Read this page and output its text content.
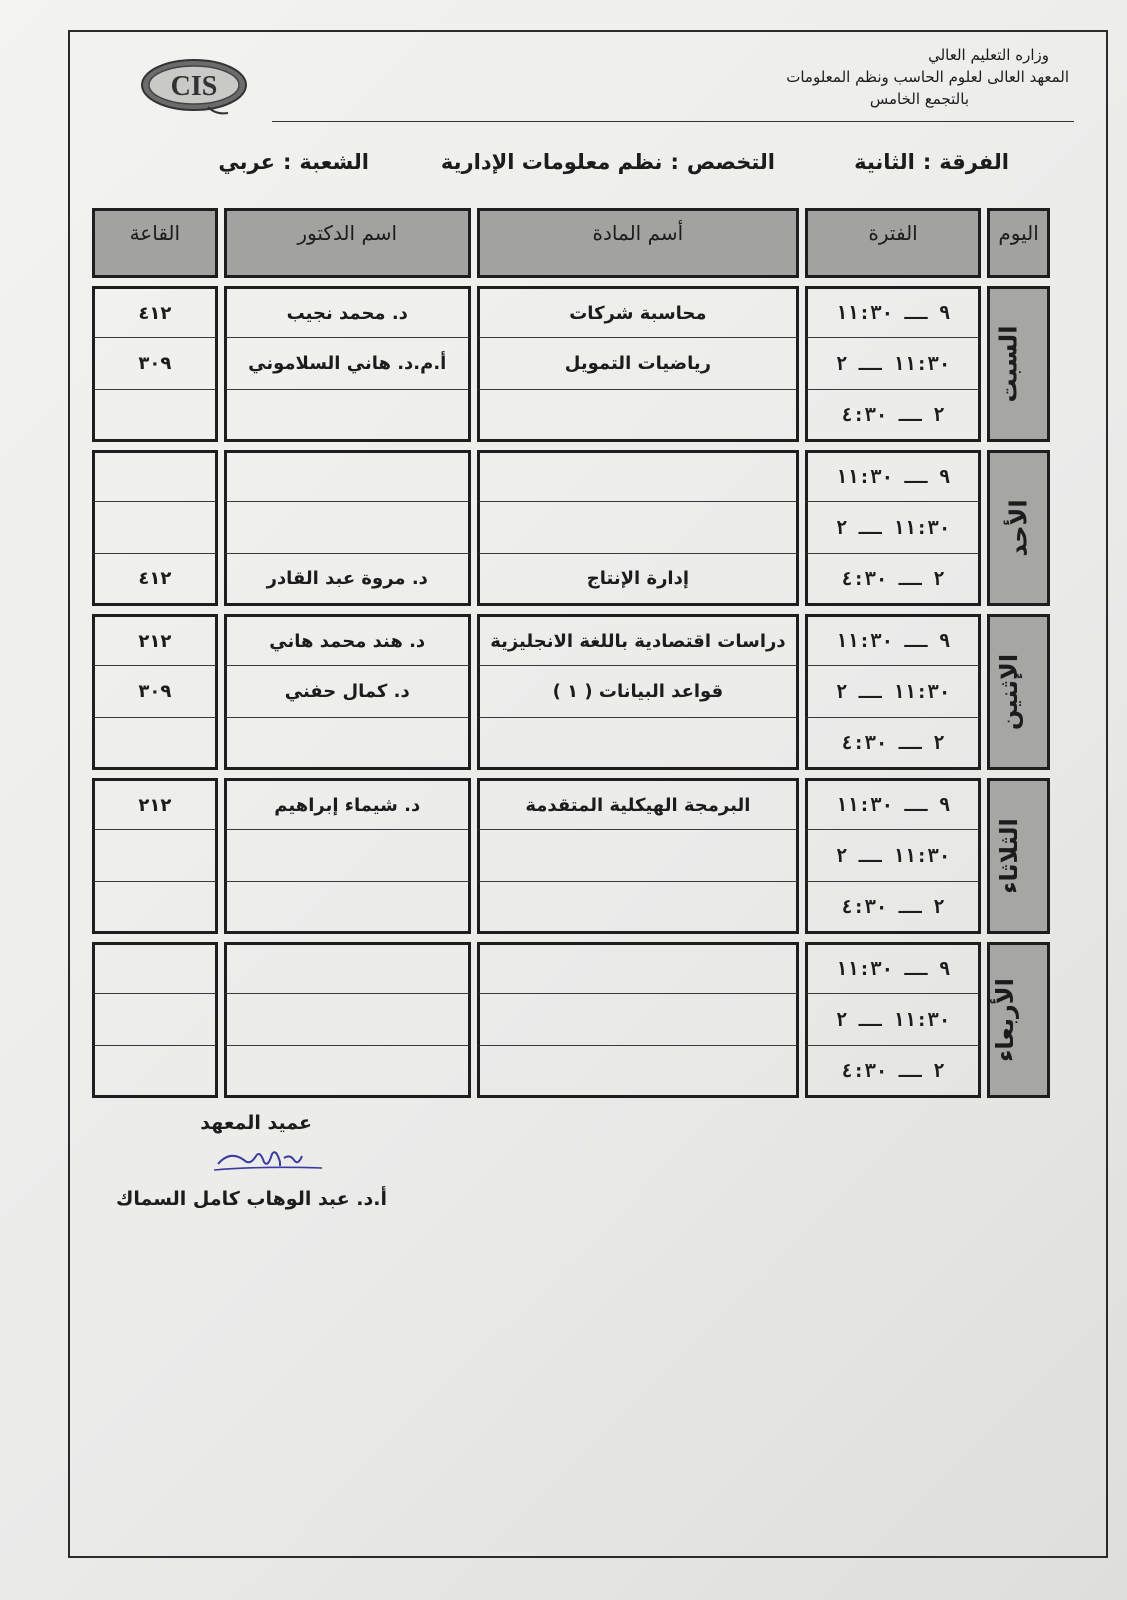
CIS
وزاره التعليم العالي
المعهد العالى لعلوم الحاسب ونظم المعلومات
بالتجمع الخامس
الفرقة:الثانية
التخصص:نظم معلومات الإدارية
الشعبة:عربي
اليوم	الفترة	أسم المادة	اسم الدكتور	القاعة

السبت	٩ ــ ١١:٣٠	محاسبة شركات	د. محمد نجيب	٤١٢
	١١:٣٠ ــ ٢	رياضيات التمويل	أ.م.د. هاني السلاموني	٣٠٩
	٢ ــ ٤:٣٠			

الأحد	٩ ــ ١١:٣٠			
	١١:٣٠ ــ ٢			
	٢ ــ ٤:٣٠	إدارة الإنتاج	د. مروة عبد القادر	٤١٢

الإثنين	٩ ــ ١١:٣٠	دراسات اقتصادية باللغة الانجليزية	د. هند محمد هاني	٢١٢
	١١:٣٠ ــ ٢	قواعد البيانات ( ١ )	د. كمال حفني	٣٠٩
	٢ ــ ٤:٣٠			

الثلاثاء	٩ ــ ١١:٣٠	البرمجة الهيكلية المتقدمة	د. شيماء إبراهيم	٢١٢
	١١:٣٠ ــ ٢			
	٢ ــ ٤:٣٠			

الأربعاء	٩ ــ ١١:٣٠			
	١١:٣٠ ــ ٢			
	٢ ــ ٤:٣٠			
عميد المعهد
أ.د. عبد الوهاب كامل السماك
